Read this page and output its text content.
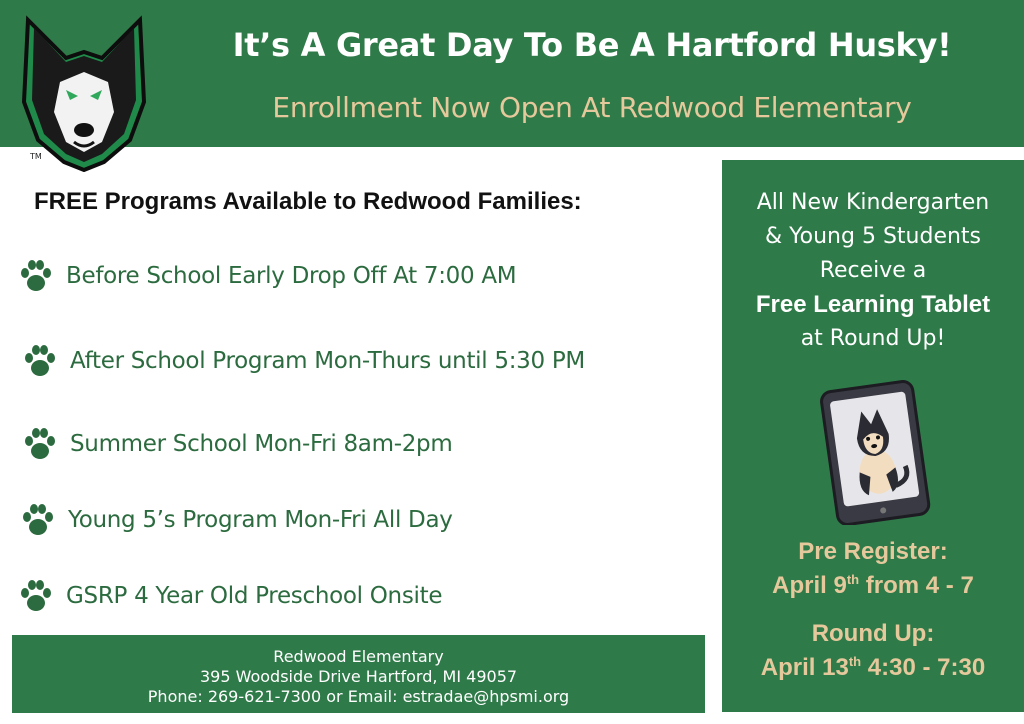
TM
It’s A Great Day To Be A Hartford Husky!
Enrollment Now Open At Redwood Elementary
FREE Programs Available to Redwood Families:
Before School Early Drop Off At 7:00 AM
After School Program Mon-Thurs until 5:30 PM
Summer School Mon-Fri 8am-2pm
Young 5’s Program Mon-Fri All Day
GSRP 4 Year Old Preschool Onsite
Redwood Elementary
395 Woodside Drive Hartford, MI 49057
Phone: 269-621-7300 or Email: estradae@hpsmi.org
All New Kindergarten
& Young 5 Students
Receive a
Free Learning Tablet
at Round Up!
Pre Register:
April 9th from 4 - 7
Round Up:
April 13th 4:30 - 7:30
